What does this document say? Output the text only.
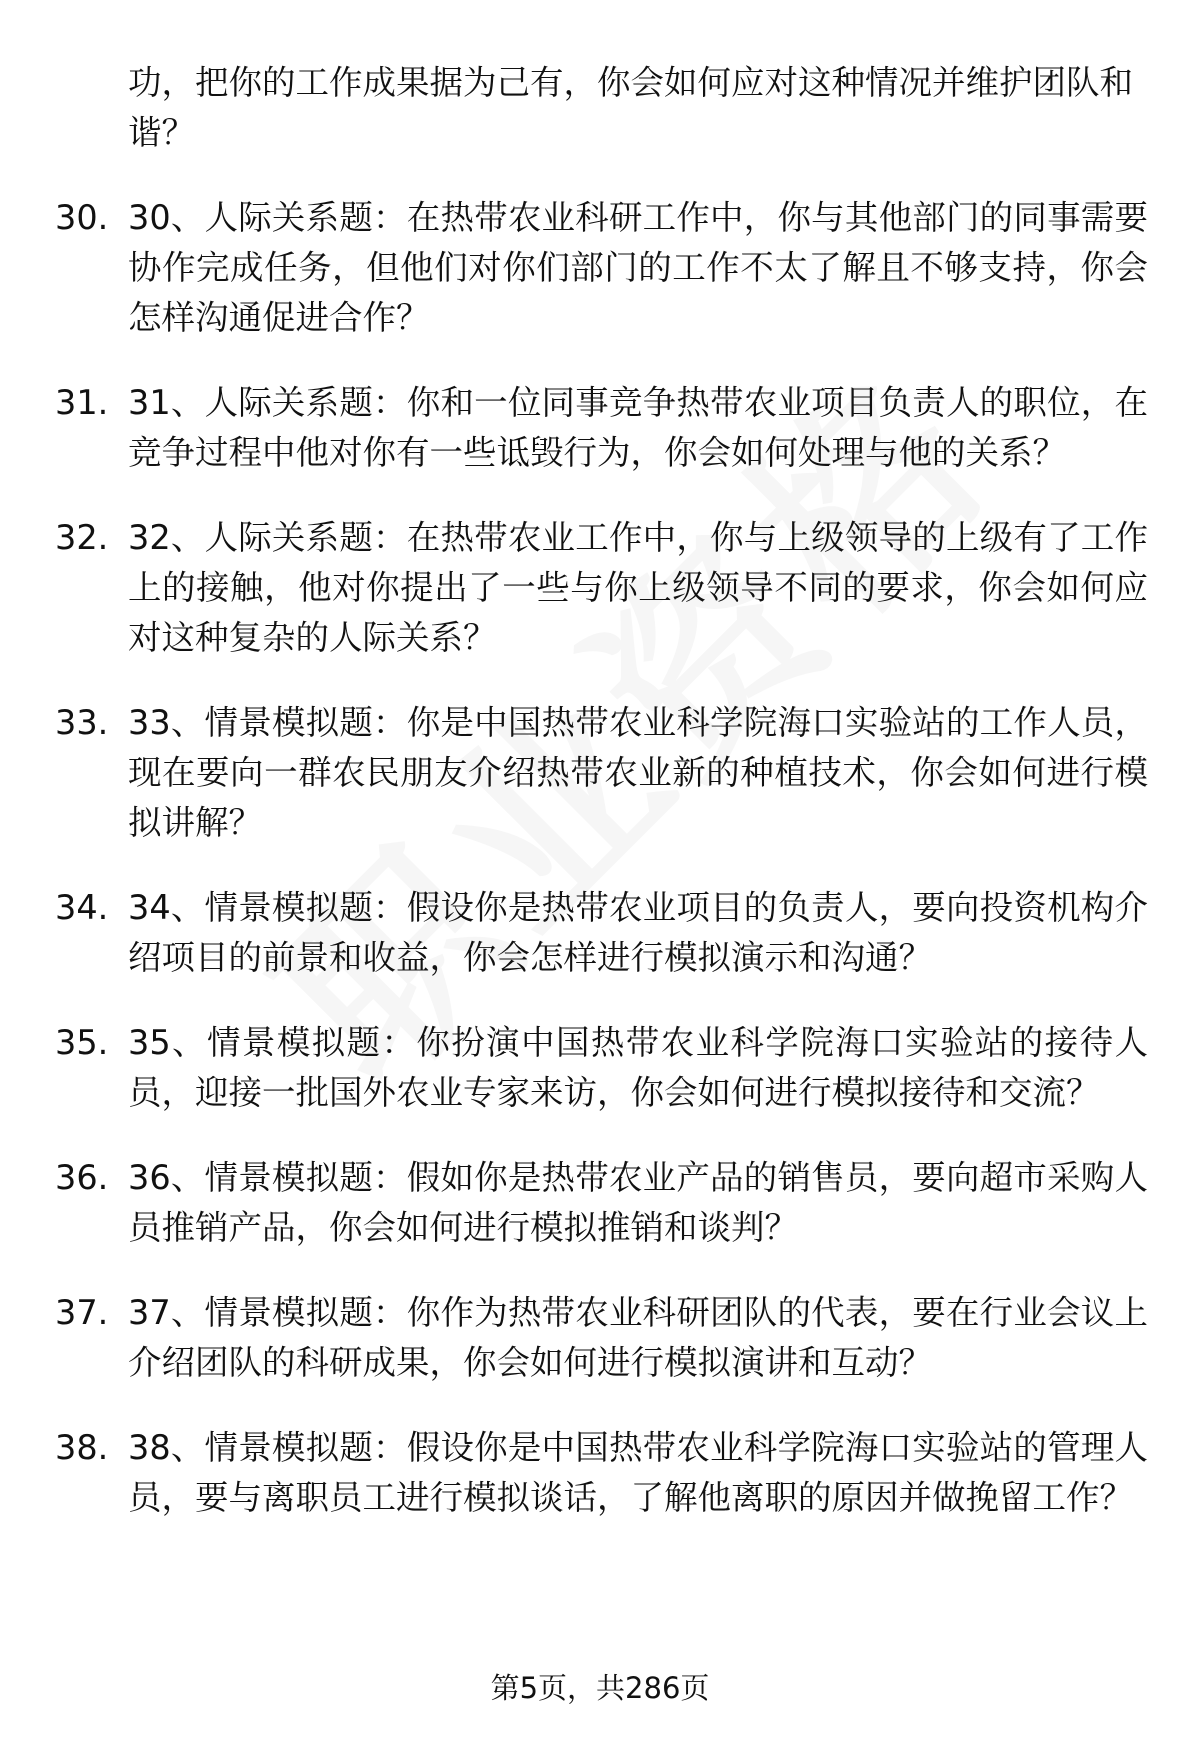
功，把你的工作成果据为己有，你会如何应对这种情况并维护团队和谐？
30. 30、人际关系题：在热带农业科研工作中，你与其他部门的同事需要协作完成任务，但他们对你们部门的工作不太了解且不够支持，你会怎样沟通促进合作？
31. 31、人际关系题：你和一位同事竞争热带农业项目负责人的职位，在竞争过程中他对你有一些诋毁行为，你会如何处理与他的关系？
32. 32、人际关系题：在热带农业工作中，你与上级领导的上级有了工作上的接触，他对你提出了一些与你上级领导不同的要求，你会如何应对这种复杂的人际关系？
33. 33、情景模拟题：你是中国热带农业科学院海口实验站的工作人员，现在要向一群农民朋友介绍热带农业新的种植技术，你会如何进行模拟讲解？
34. 34、情景模拟题：假设你是热带农业项目的负责人，要向投资机构介绍项目的前景和收益，你会怎样进行模拟演示和沟通？
35. 35、情景模拟题：你扮演中国热带农业科学院海口实验站的接待人员，迎接一批国外农业专家来访，你会如何进行模拟接待和交流？
36. 36、情景模拟题：假如你是热带农业产品的销售员，要向超市采购人员推销产品，你会如何进行模拟推销和谈判？
37. 37、情景模拟题：你作为热带农业科研团队的代表，要在行业会议上介绍团队的科研成果，你会如何进行模拟演讲和互动？
38. 38、情景模拟题：假设你是中国热带农业科学院海口实验站的管理人员，要与离职员工进行模拟谈话，了解他离职的原因并做挽留工作？
第5页，共286页
